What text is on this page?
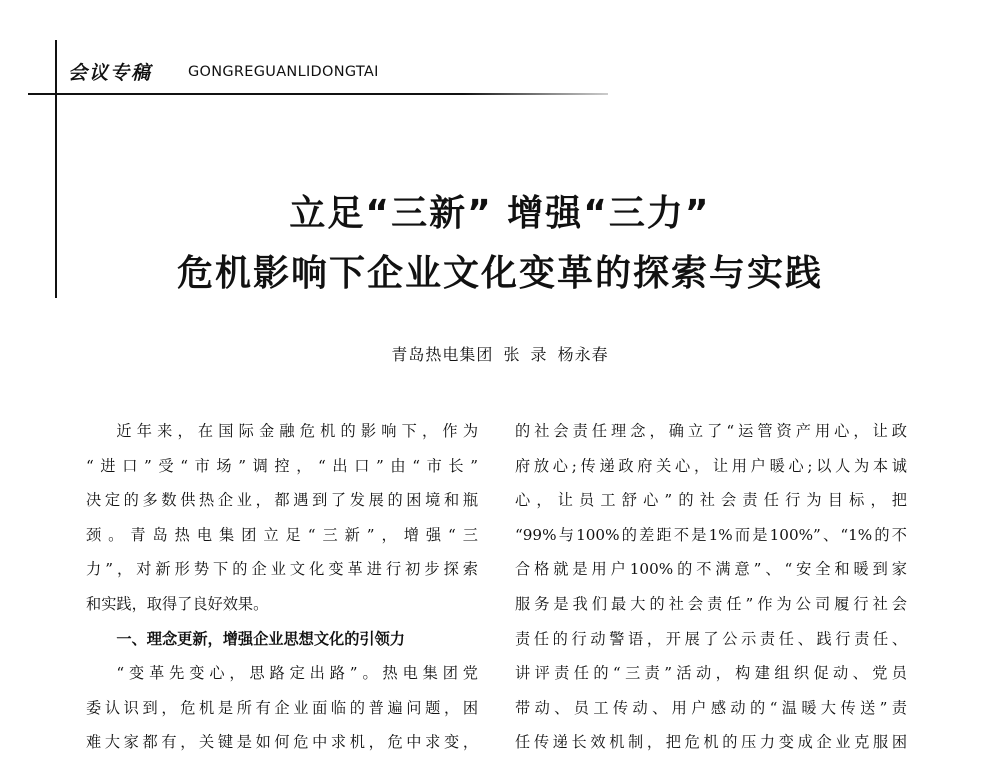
会议专稿 GONGREGUANLIDONGTAI
立足“三新” 增强“三力”
危机影响下企业文化变革的探索与实践
青岛热电集团 张 录 杨永春
近年来，在国际金融危机的影响下，作为
“进口”受“市场”调控，“出口”由“市长”
决定的多数供热企业，都遇到了发展的困境和瓶
颈。青岛热电集团立足“三新”，增强“三
力”，对新形势下的企业文化变革进行初步探索
和实践，取得了良好效果。
一、理念更新，增强企业思想文化的引领力
“变革先变心，思路定出路”。热电集团党
委认识到，危机是所有企业面临的普遍问题，困
难大家都有，关键是如何危中求机，危中求变，
的社会责任理念，确立了“运管资产用心，让政
府放心;传递政府关心，让用户暖心;以人为本诚
心，让员工舒心”的社会责任行为目标，把
“99%与100%的差距不是1%而是100%”、“1%的不
合格就是用户100%的不满意”、“安全和暖到家
服务是我们最大的社会责任”作为公司履行社会
责任的行动警语，开展了公示责任、践行责任、
讲评责任的“三责”活动，构建组织促动、党员
带动、员工传动、用户感动的“温暖大传送”责
任传递长效机制，把危机的压力变成企业克服困
